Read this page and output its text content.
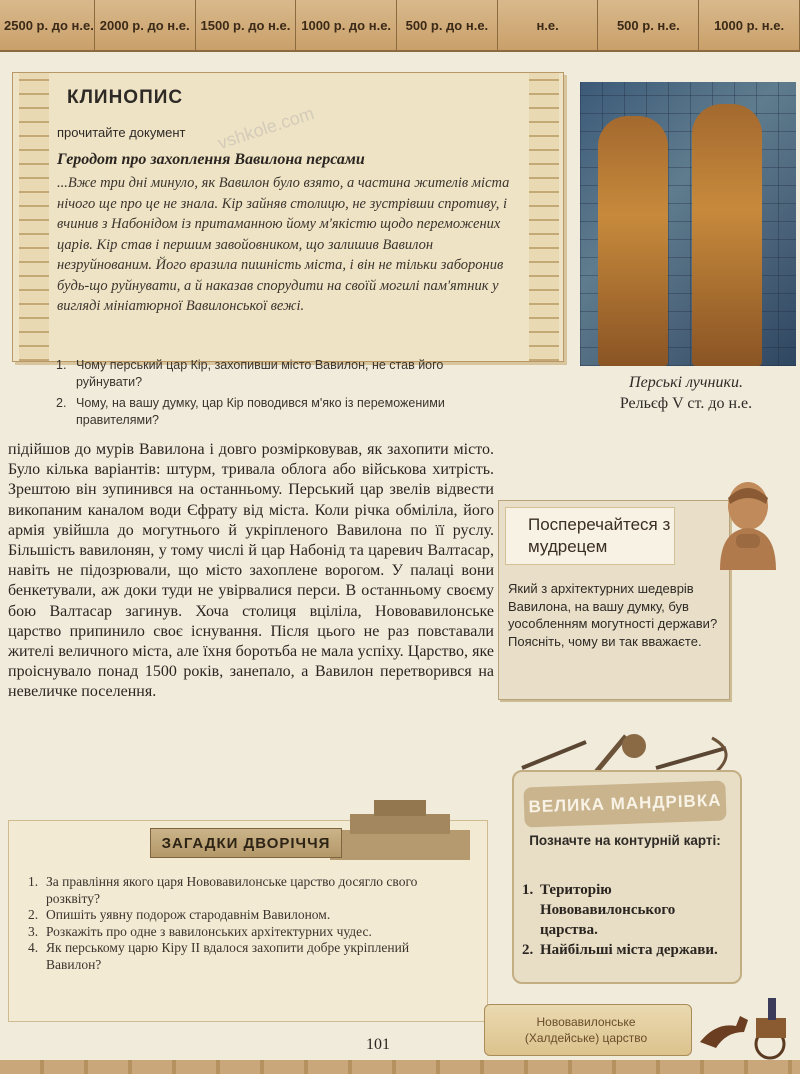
2500 р. до н.е. 2000 р. до н.е. 1500 р. до н.е. 1000 р. до н.е.	500 р. до н.е.	н.е.	500 р. н.е.	1000 р. н.е.
КЛИНОПИС
прочитайте документ
Геродот про захоплення Вавилона персами
...Вже три дні минуло, як Вавилон було взято, а частина жителів міста нічого ще про це не знала. Кір зайняв столицю, не зустрівши спротиву, і вчинив з Набонідом із притаманною йому м'якістю щодо переможених царів. Кір став і першим завойовником, що залишив Вавилон незруйнованим. Його вразила пишність міста, і він не тільки заборонив будь-що руйнувати, а й наказав спорудити на своїй могилі пам'ятник у вигляді мініатюрної Вавилонської вежі.
1. Чому перський цар Кір, захопивши місто Вавилон, не став його руйнувати?
2. Чому, на вашу думку, цар Кір поводився м'яко із переможеними правителями?
Перські лучники.
Рельєф V ст. до н.е.
підійшов до мурів Вавилона і довго розмірковував, як захопити місто. Було кілька варіантів: штурм, тривала облога або військова хитрість. Зрештою він зупинився на останньому. Перський цар звелів відвести викопаним каналом води Єфрату від міста. Коли річка обміліла, його армія увійшла до могутнього й укріпленого Вавилона по її руслу. Більшість вавилонян, у тому числі й цар Набонід та царевич Валтасар, навіть не підозрювали, що місто захоплене ворогом. У палаці вони бенкетували, аж доки туди не увірвалися перси. В останньому своєму бою Валтасар загинув. Хоча столиця вціліла, Нововавилонське царство припинило своє існування. Після цього не раз повставали жителі величного міста, але їхня боротьба не мала успіху. Царство, яке проіснувало понад 1500 років, занепало, а Вавилон перетворився на невеличке поселення.
Посперечайтеся з мудрецем
Який з архітектурних шедеврів Вавилона, на вашу думку, був уособленням могутності держави? Поясніть, чому ви так вважаєте.
ЗАГАДКИ ДВОРІЧЧЯ
1. За правління якого царя Нововавилонське царство досягло свого розквіту?
2. Опишіть уявну подорож стародавнім Вавилоном.
3. Розкажіть про одне з вавилонських архітектурних чудес.
4. Як перському царю Кіру II вдалося захопити добре укріплений Вавилон?
ВЕЛИКА МАНДРІВКА
Позначте на контурній карті:
1. Територію Нововавилонського царства.
2. Найбільші міста держави.
101
Нововавилонське
(Халдейське) царство
vshkole.com
